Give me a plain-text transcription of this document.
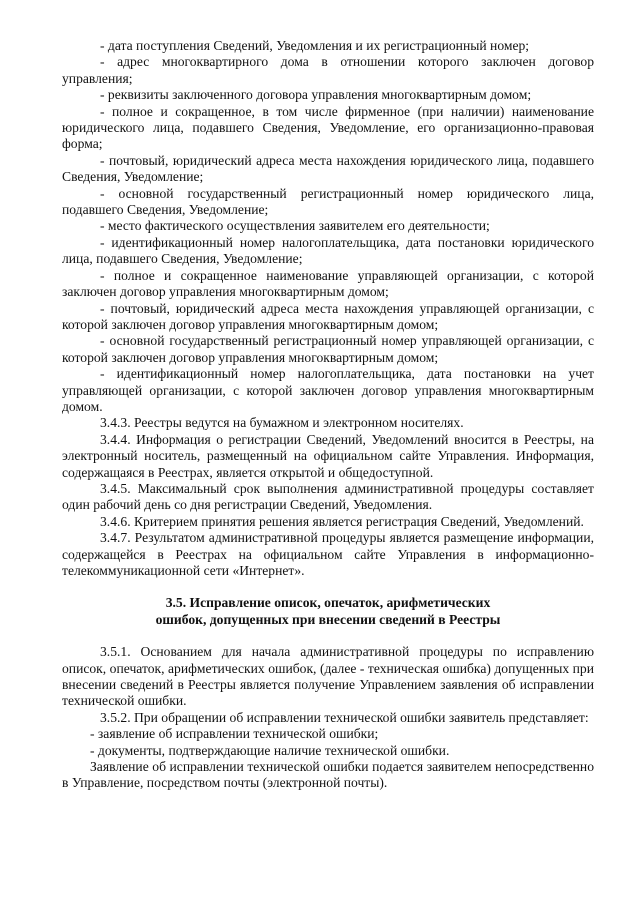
- дата поступления Сведений, Уведомления и их регистрационный номер;

- адрес многоквартирного дома в отношении которого заключен договор управления;

- реквизиты заключенного договора управления многоквартирным домом;

- полное и сокращенное, в том числе фирменное (при наличии) наименование юридического лица, подавшего Сведения, Уведомление, его организационно-правовая форма;

- почтовый, юридический адреса места нахождения юридического лица, подавшего Сведения, Уведомление;

- основной государственный регистрационный номер юридического лица, подавшего Сведения, Уведомление;

- место фактического осуществления заявителем его деятельности;

- идентификационный номер налогоплательщика, дата постановки юридического лица, подавшего Сведения, Уведомление;

- полное и сокращенное наименование управляющей организации, с которой заключен договор управления многоквартирным домом;

- почтовый, юридический адреса места нахождения управляющей организации, с которой заключен договор управления многоквартирным домом;

- основной государственный регистрационный номер управляющей организации, с которой заключен договор управления многоквартирным домом;

- идентификационный номер налогоплательщика, дата постановки на учет управляющей организации, с которой заключен договор управления многоквартирным домом.

3.4.3. Реестры ведутся на бумажном и электронном носителях.

3.4.4. Информация о регистрации Сведений, Уведомлений вносится в Реестры, на электронный носитель, размещенный на официальном сайте Управления. Информация, содержащаяся в Реестрах, является открытой и общедоступной.

3.4.5. Максимальный срок выполнения административной процедуры составляет один рабочий день со дня регистрации Сведений, Уведомления.

3.4.6. Критерием принятия решения является регистрация Сведений, Уведомлений.

3.4.7. Результатом административной процедуры является размещение информации, содержащейся в Реестрах на официальном сайте Управления в информационно-телекоммуникационной сети «Интернет».

3.5. Исправление описок, опечаток, арифметических

ошибок, допущенных при внесении сведений в Реестры

3.5.1. Основанием для начала административной процедуры по исправлению описок, опечаток, арифметических ошибок, (далее - техническая ошибка) допущенных при внесении сведений в Реестры является получение Управлением заявления об исправлении технической ошибки.

3.5.2. При обращении об исправлении технической ошибки заявитель представляет:

- заявление об исправлении технической ошибки;

- документы, подтверждающие наличие технической ошибки.

Заявление об исправлении технической ошибки подается заявителем непосредственно в Управление, посредством почты (электронной почты).
